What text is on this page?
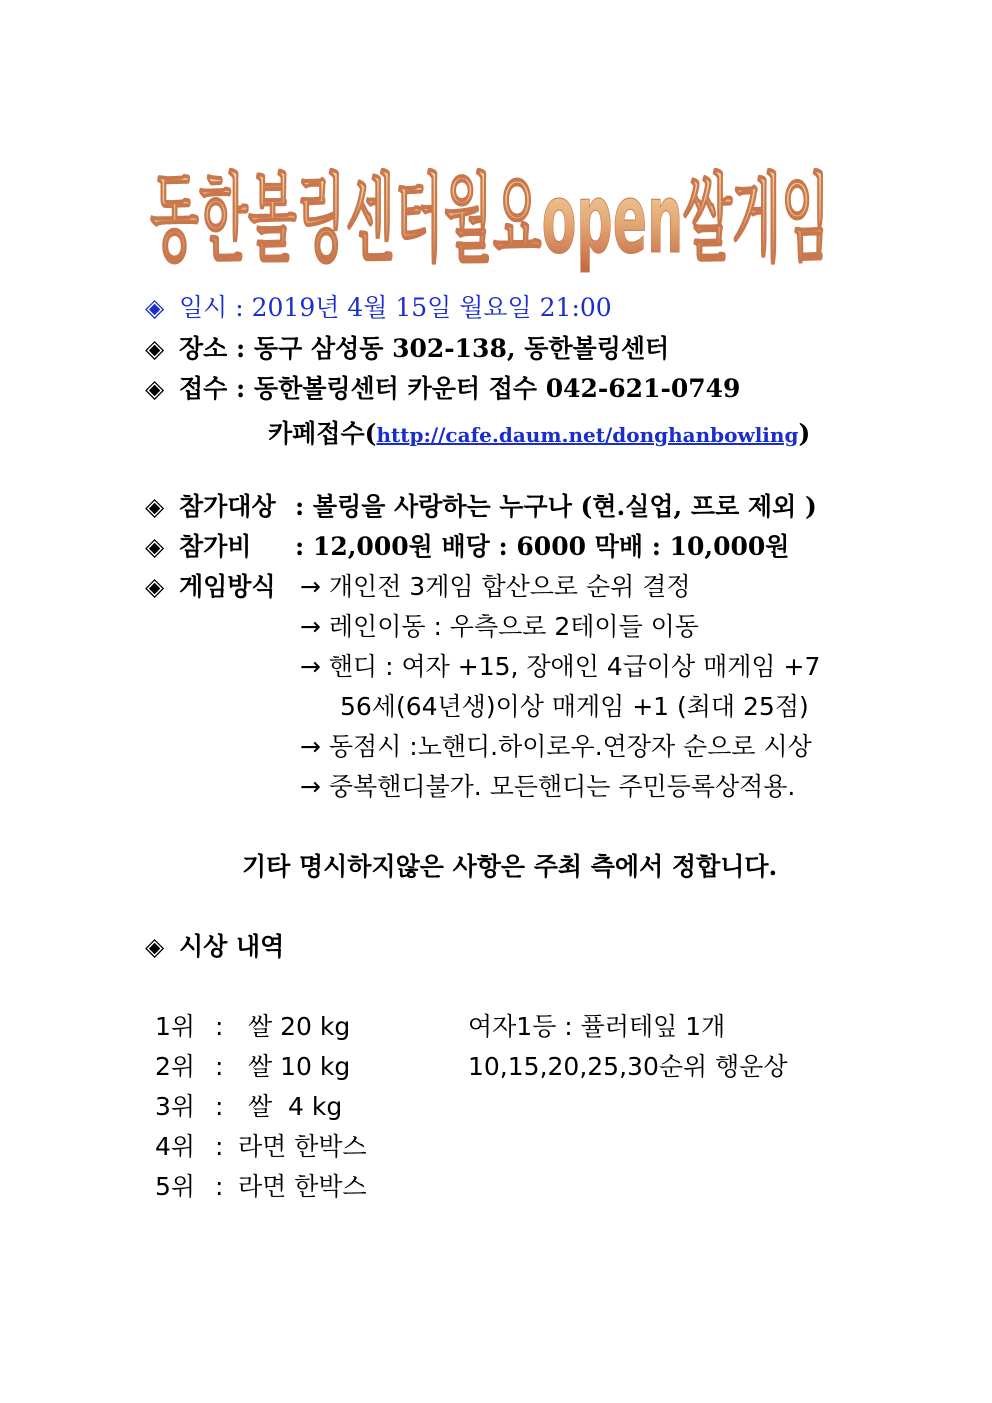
동한볼링센터월요open쌀게임
◈ 일시 : 2019년 4월 15일 월요일 21:00
◈ 장소 : 동구 삼성동 302-138, 동한볼링센터
◈ 접수 : 동한볼링센터 카운터 접수 042-621-0749
카페접수(http://cafe.daum.net/donghanbowling)
◈ 참가대상 : 볼링을 사랑하는 누구나 (현.실업, 프로 제외 )
◈ 참가비 : 12,000원 배당 : 6000 막배 : 10,000원
◈ 게임방식 → 개인전 3게임 합산으로 순위 결정
→ 레인이동 : 우측으로 2테이들 이동
→ 핸디 : 여자 +15, 장애인 4급이상 매게임 +7
56세(64년생)이상 매게임 +1 (최대 25점)
→ 동점시 :노핸디.하이로우.연장자 순으로 시상
→ 중복핸디불가. 모든핸디는 주민등록상적용.
기타 명시하지않은 사항은 주최 측에서 정합니다.
◈ 시상 내역
1위 : 쌀 20 kg
2위 : 쌀 10 kg
3위 : 쌀  4 kg
4위 : 라면 한박스
5위 : 라면 한박스
여자1등 : 퓰러테잎 1개
10,15,20,25,30순위 행운상
